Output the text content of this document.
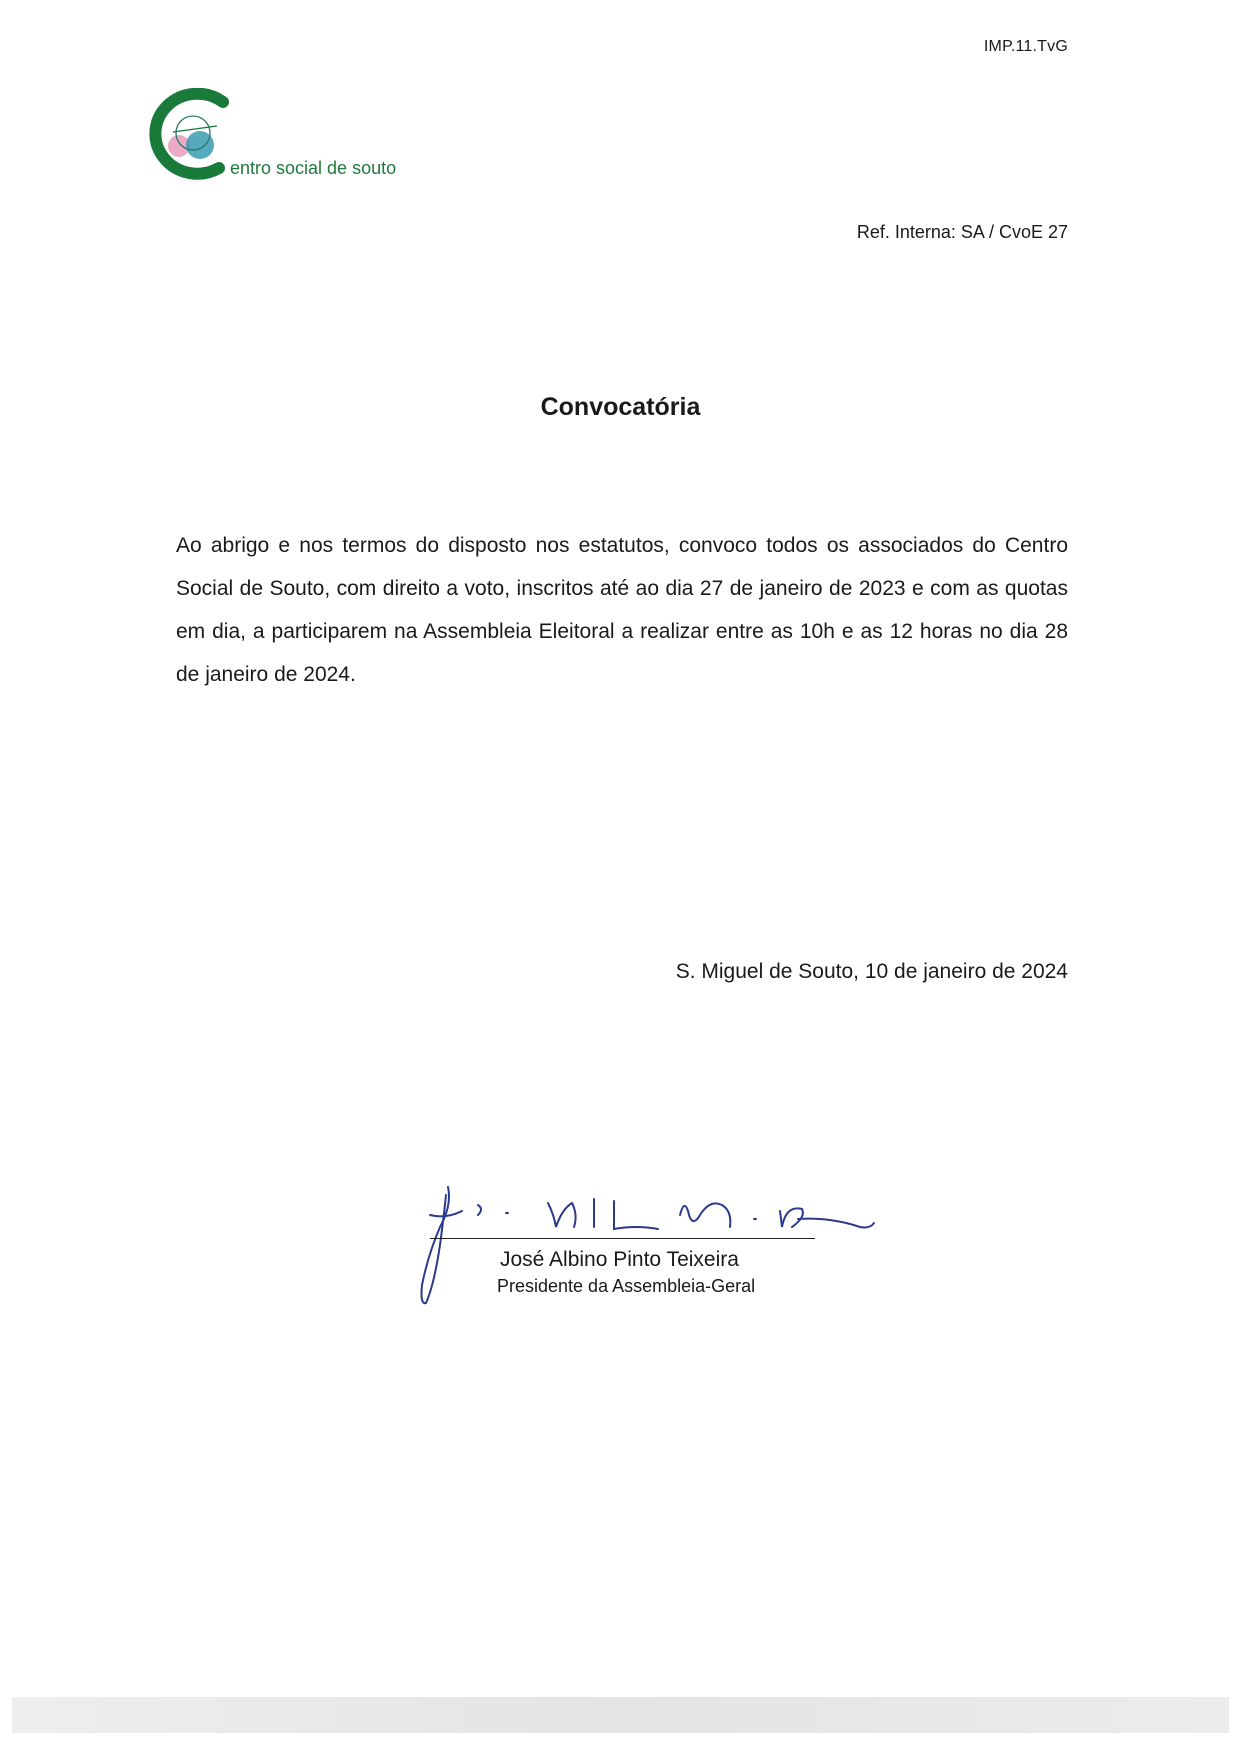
IMP.11.TvG
entro social de souto
Ref. Interna: SA / CvoE 27
Convocatória

Ao abrigo e nos termos do disposto nos estatutos, convoco todos os associados do Centro Social de Souto, com direito a voto, inscritos até ao dia 27 de janeiro de 2023 e com as quotas em dia, a participarem na Assembleia Eleitoral a realizar entre as 10h e as 12 horas no dia 28 de janeiro de 2024.

S. Miguel de Souto, 10 de janeiro de 2024
José Albino Pinto Teixeira
Presidente da Assembleia-Geral
